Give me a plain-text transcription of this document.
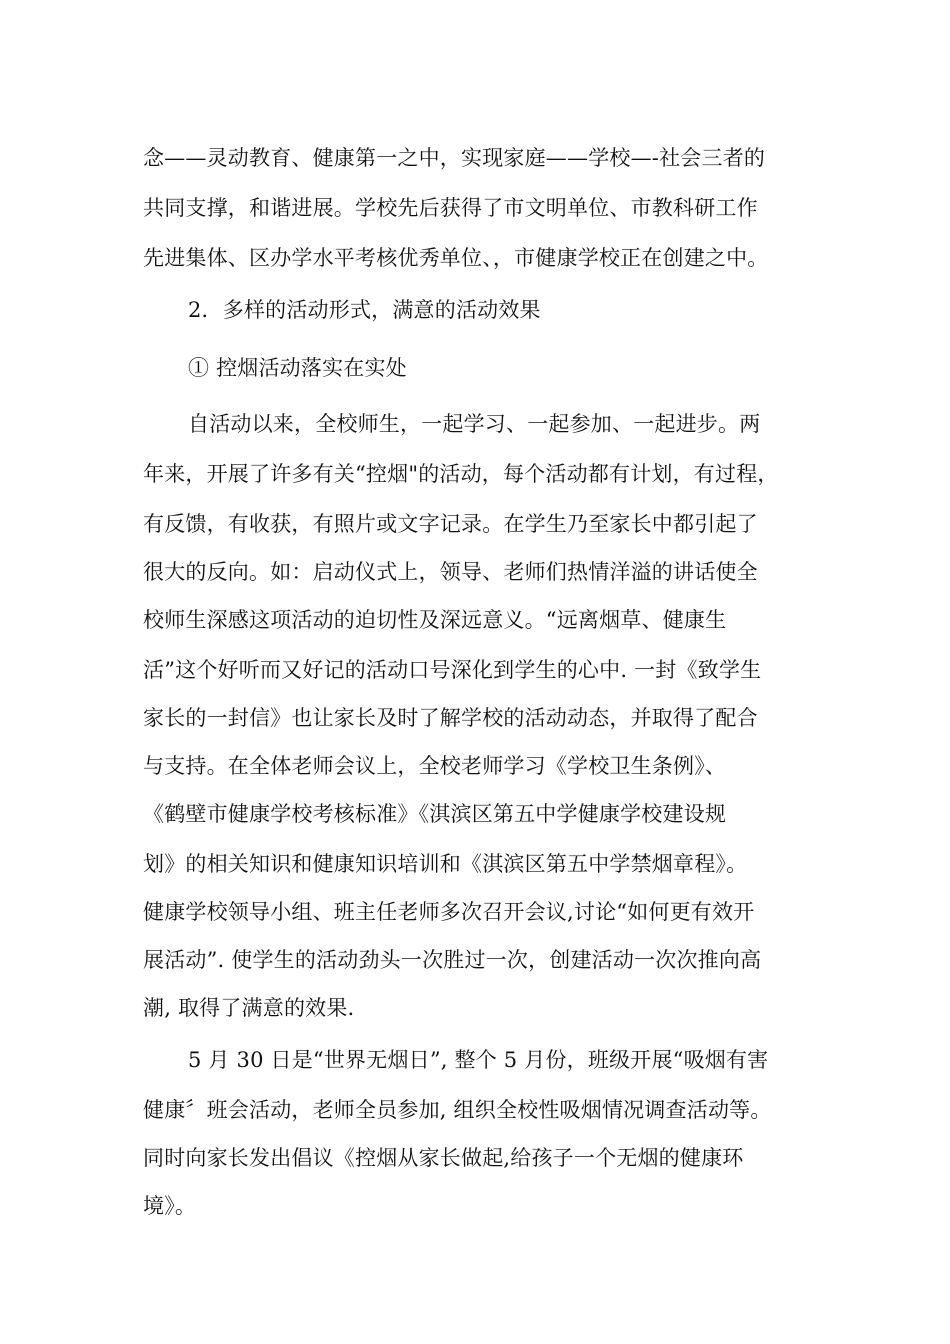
念——灵动教育、健康第一之中，实现家庭——学校—-社会三者的
共同支撑，和谐进展。学校先后获得了市文明单位、市教科研工作
先进集体、区办学水平考核优秀单位、，市健康学校正在创建之中。
2．多样的活动形式，满意的活动效果
① 控烟活动落实在实处
自活动以来，全校师生，一起学习、一起参加、一起进步。两
年来，开展了许多有关“控烟"的活动，每个活动都有计划，有过程，
有反馈，有收获，有照片或文字记录。在学生乃至家长中都引起了
很大的反向。如：启动仪式上，领导、老师们热情洋溢的讲话使全
校师生深感这项活动的迫切性及深远意义。“远离烟草、健康生
活”这个好听而又好记的活动口号深化到学生的心中. 一封《致学生
家长的一封信》也让家长及时了解学校的活动动态，并取得了配合
与支持。在全体老师会议上，全校老师学习《学校卫生条例》、
《鹤壁市健康学校考核标准》《淇滨区第五中学健康学校建设规
划》的相关知识和健康知识培训和《淇滨区第五中学禁烟章程》。
健康学校领导小组、班主任老师多次召开会议,讨论“如何更有效开
展活动”. 使学生的活动劲头一次胜过一次，创建活动一次次推向高
潮, 取得了满意的效果.
5 月 30 日是“世界无烟日”, 整个 5 月份，班级开展“吸烟有害
健康〞班会活动，老师全员参加, 组织全校性吸烟情况调查活动等。
同时向家长发出倡议《控烟从家长做起,给孩子一个无烟的健康环
境》。
